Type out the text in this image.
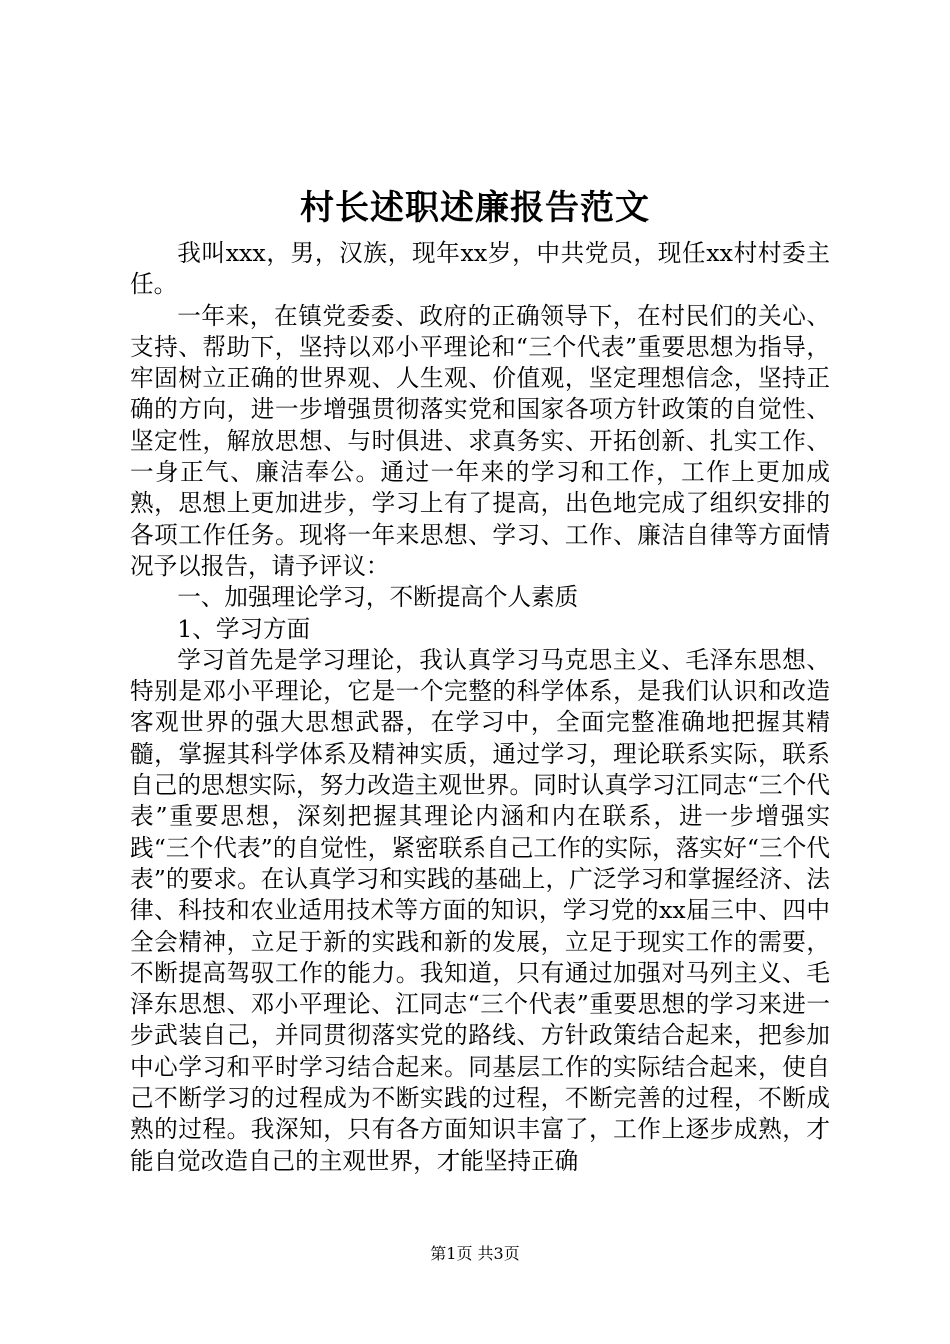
村长述职述廉报告范文

我叫xxx，男，汉族，现年xx岁，中共党员，现任xx村村委主任。

一年来，在镇党委委、政府的正确领导下，在村民们的关心、支持、帮助下，坚持以邓小平理论和“三个代表”重要思想为指导，牢固树立正确的世界观、人生观、价值观，坚定理想信念，坚持正确的方向，进一步增强贯彻落实党和国家各项方针政策的自觉性、坚定性，解放思想、与时俱进、求真务实、开拓创新、扎实工作、一身正气、廉洁奉公。通过一年来的学习和工作，工作上更加成熟，思想上更加进步，学习上有了提高，出色地完成了组织安排的各项工作任务。现将一年来思想、学习、工作、廉洁自律等方面情况予以报告，请予评议：

一、加强理论学习，不断提高个人素质

1、学习方面

学习首先是学习理论，我认真学习马克思主义、毛泽东思想、特别是邓小平理论，它是一个完整的科学体系，是我们认识和改造客观世界的强大思想武器，在学习中，全面完整准确地把握其精髓，掌握其科学体系及精神实质，通过学习，理论联系实际，联系自己的思想实际，努力改造主观世界。同时认真学习江同志“三个代表”重要思想，深刻把握其理论内涵和内在联系，进一步增强实践“三个代表”的自觉性，紧密联系自己工作的实际，落实好“三个代表”的要求。在认真学习和实践的基础上，广泛学习和掌握经济、法律、科技和农业适用技术等方面的知识，学习党的xx届三中、四中全会精神，立足于新的实践和新的发展，立足于现实工作的需要，不断提高驾驭工作的能力。我知道，只有通过加强对马列主义、毛泽东思想、邓小平理论、江同志“三个代表”重要思想的学习来进一步武装自己，并同贯彻落实党的路线、方针政策结合起来，把参加中心学习和平时学习结合起来。同基层工作的实际结合起来，使自己不断学习的过程成为不断实践的过程，不断完善的过程，不断成熟的过程。我深知，只有各方面知识丰富了，工作上逐步成熟，才能自觉改造自己的主观世界，才能坚持正确

第1页 共3页
